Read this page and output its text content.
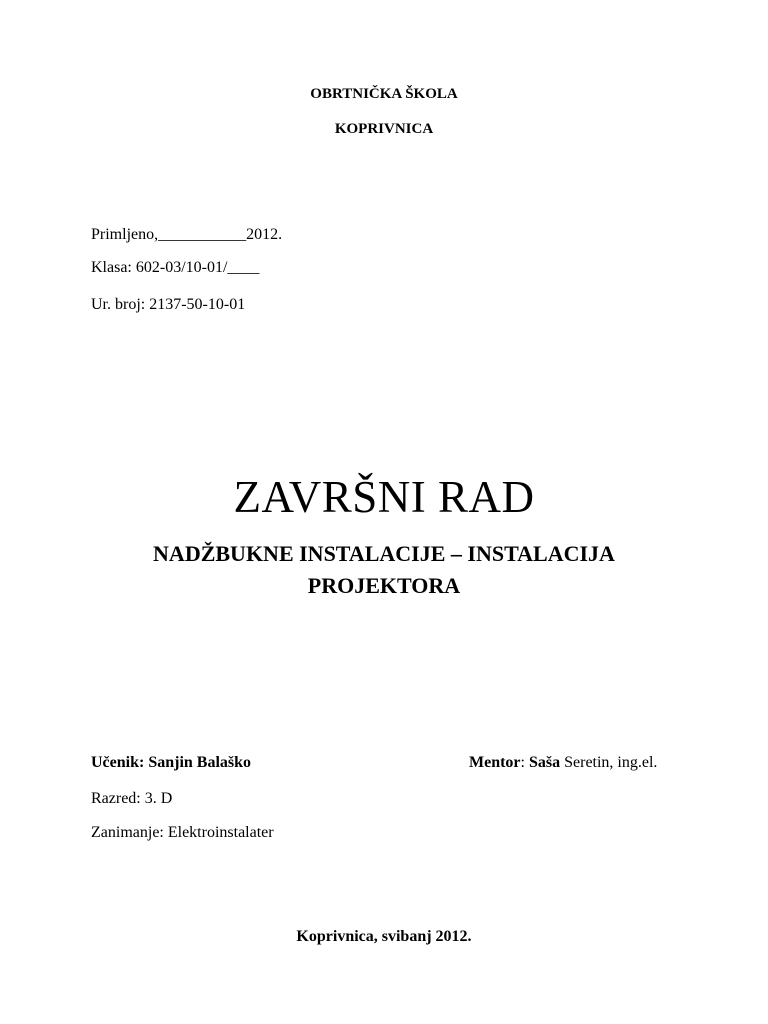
OBRTNIČKA ŠKOLA
KOPRIVNICA
Primljeno,___________2012.
Klasa: 602-03/10-01/____
Ur. broj: 2137-50-10-01
ZAVRŠNI RAD
NADŽBUKNE INSTALACIJE – INSTALACIJA
PROJEKTORA
Učenik: Sanjin Balaško	Mentor: Saša Seretin, ing.el.
Razred: 3. D
Zanimanje: Elektroinstalater
Koprivnica, svibanj 2012.
